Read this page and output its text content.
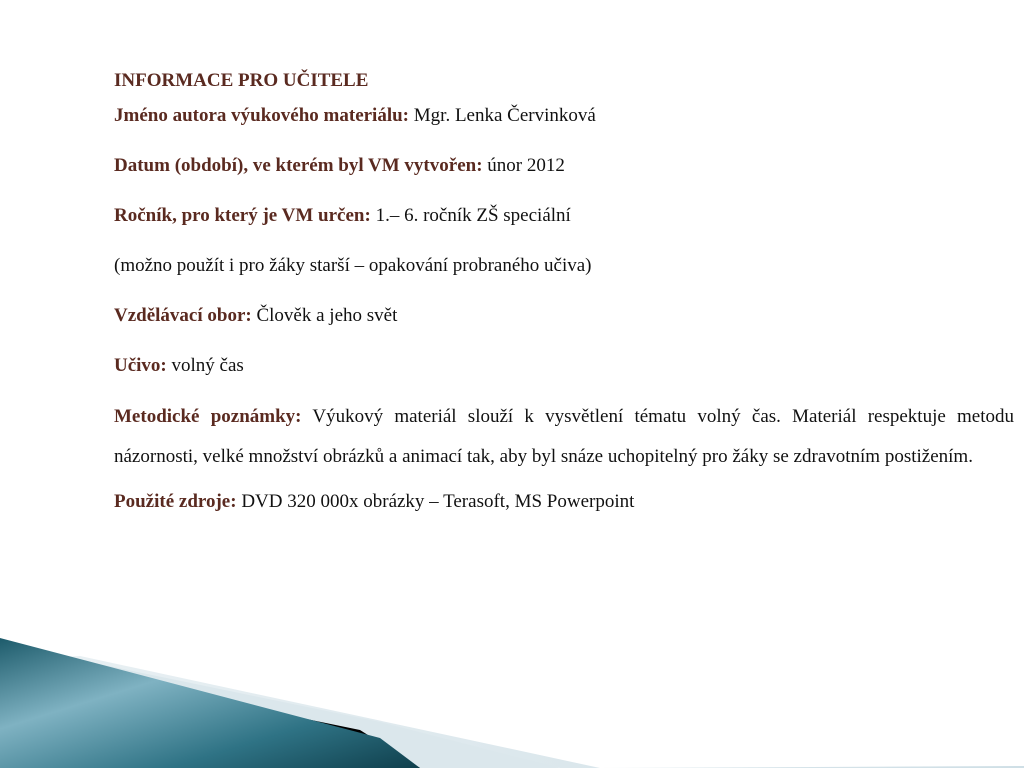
INFORMACE PRO UČITELE

Jméno autora výukového materiálu: Mgr. Lenka Červinková

Datum (období), ve kterém byl VM vytvořen: únor 2012

Ročník, pro který je VM určen: 1.– 6. ročník ZŠ speciální

(možno použít i pro žáky starší – opakování probraného učiva)

Vzdělávací obor: Člověk a jeho svět

Učivo: volný čas

Metodické poznámky: Výukový materiál slouží k vysvětlení tématu volný čas. Materiál respektuje metodu názornosti, velké množství obrázků a animací tak, aby byl snáze uchopitelný pro žáky se zdravotním postižením.

Použité zdroje: DVD 320 000x obrázky – Terasoft, MS Powerpoint
